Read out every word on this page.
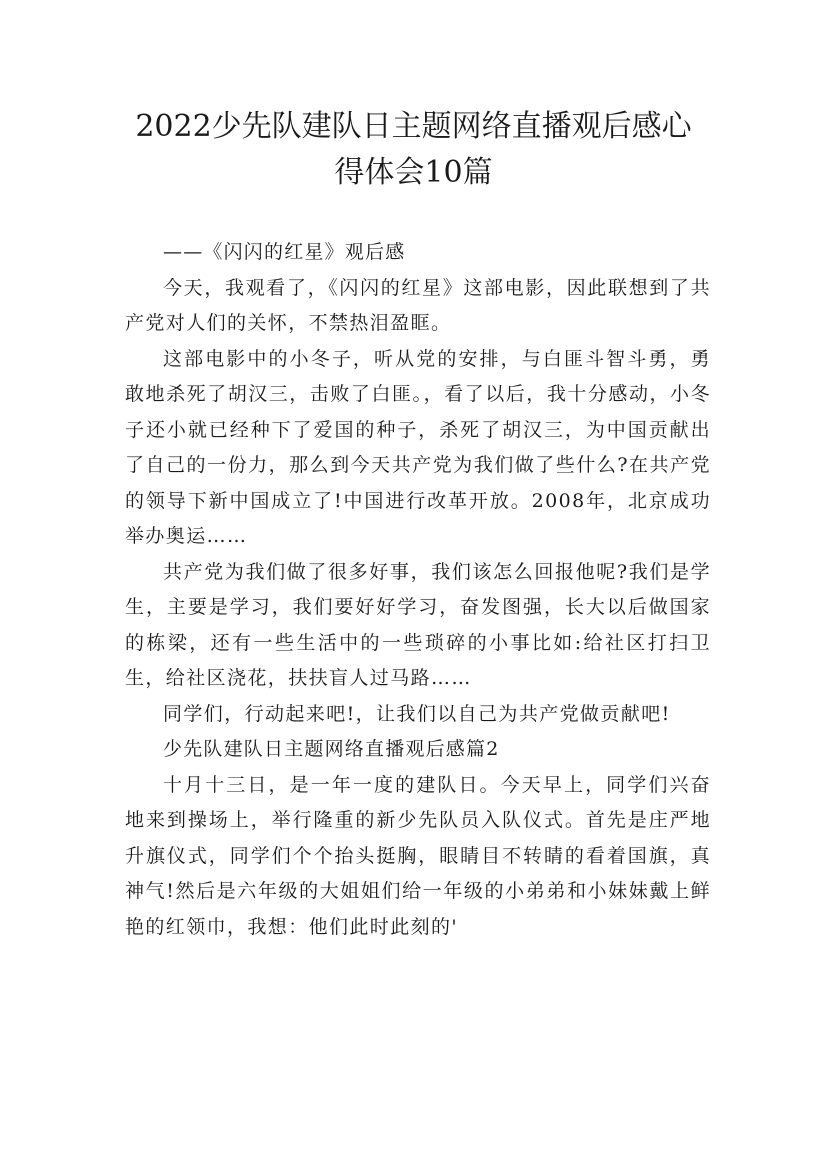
2022少先队建队日主题网络直播观后感心
得体会10篇

——《闪闪的红星》观后感

今天，我观看了，《闪闪的红星》这部电影，因此联想到了共产党对人们的关怀，不禁热泪盈眶。

这部电影中的小冬子，听从党的安排，与白匪斗智斗勇，勇敢地杀死了胡汉三，击败了白匪。，看了以后，我十分感动，小冬子还小就已经种下了爱国的种子，杀死了胡汉三，为中国贡献出了自己的一份力，那么到今天共产党为我们做了些什么?在共产党的领导下新中国成立了!中国进行改革开放。2008年，北京成功举办奥运……

共产党为我们做了很多好事，我们该怎么回报他呢?我们是学生，主要是学习，我们要好好学习，奋发图强，长大以后做国家的栋梁，还有一些生活中的一些琐碎的小事比如:给社区打扫卫生，给社区浇花，扶扶盲人过马路……

同学们，行动起来吧!，让我们以自己为共产党做贡献吧!

少先队建队日主题网络直播观后感篇2

十月十三日，是一年一度的建队日。今天早上，同学们兴奋地来到操场上，举行隆重的新少先队员入队仪式。首先是庄严地升旗仪式，同学们个个抬头挺胸，眼睛目不转睛的看着国旗，真神气!然后是六年级的大姐姐们给一年级的小弟弟和小妹妹戴上鲜艳的红领巾，我想：他们此时此刻的'
